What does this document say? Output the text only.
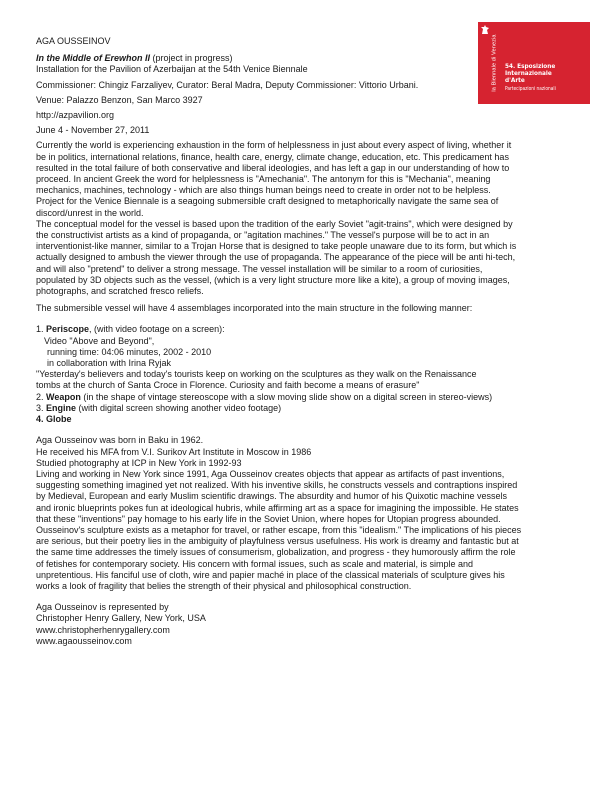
la Biennale di Venezia 54. Esposizione
Internazionale
d'Arte
Partecipazioni nazionali

AGA OUSSEINOV

In the Middle of Erewhon II (project in progress)

Installation for the Pavilion of Azerbaijan at the 54th Venice Biennale

Commissioner: Chingiz Farzaliyev, Curator: Beral Madra, Deputy Commissioner: Vittorio Urbani.

Venue: Palazzo Benzon, San Marco 3927

http://azpavilion.org

June 4 - November 27, 2011

Currently the world is experiencing exhaustion in the form of helplessness in just about every aspect of living, whether it

be in politics, international relations, finance, health care, energy, climate change, education, etc. This predicament has

resulted in the total failure of both conservative and liberal ideologies, and has left a gap in our understanding of how to

proceed. In ancient Greek the word for helplessness is "Amechania". The antonym for this is "Mechania", meaning

mechanics, machines, technology - which are also things human beings need to create in order not to be helpless.

Project for the Venice Biennale is a seagoing submersible craft designed to metaphorically navigate the same sea of

discord/unrest in the world.

The conceptual model for the vessel is based upon the tradition of the early Soviet "agit-trains", which were designed by

the constructivist artists as a kind of propaganda, or "agitation machines." The vessel's purpose will be to act in an

interventionist-like manner, similar to a Trojan Horse that is designed to take people unaware due to its form, but which is

actually designed to ambush the viewer through the use of propaganda. The appearance of the piece will be anti hi-tech,

and will also "pretend" to deliver a strong message. The vessel installation will be similar to a room of curiosities,

populated by 3D objects such as the vessel, (which is a very light structure more like a kite), a group of moving images,

photographs, and scratched fresco reliefs.

The submersible vessel will have 4 assemblages incorporated into the main structure in the following manner:

1. Periscope, (with video footage on a screen):

Video "Above and Beyond",

running time: 04:06 minutes, 2002 - 2010

in collaboration with Irina Ryjak

"Yesterday's believers and today's tourists keep on working on the sculptures as they walk on the Renaissance

tombs at the church of Santa Croce in Florence. Curiosity and faith become a means of erasure"

2. Weapon (in the shape of vintage stereoscope with a slow moving slide show on a digital screen in stereo-views)

3. Engine (with digital screen showing another video footage)

4. Globe

Aga Ousseinov was born in Baku in 1962.

He received his MFA from V.I. Surikov Art Institute in Moscow in 1986

Studied photography at ICP in New York in 1992-93

Living and working in New York since 1991, Aga Ousseinov creates objects that appear as artifacts of past inventions,

suggesting something imagined yet not realized. With his inventive skills, he constructs vessels and contraptions inspired

by Medieval, European and early Muslim scientific drawings. The absurdity and humor of his Quixotic machine vessels

and ironic blueprints pokes fun at ideological hubris, while affirming art as a space for imagining the impossible. He states

that these "inventions" pay homage to his early life in the Soviet Union, where hopes for Utopian progress abounded.

Ousseinov's sculpture exists as a metaphor for travel, or rather escape, from this "idealism." The implications of his pieces

are serious, but their poetry lies in the ambiguity of playfulness versus usefulness. His work is dreamy and fantastic but at

the same time addresses the timely issues of consumerism, globalization, and progress - they humorously affirm the role

of fetishes for contemporary society. His concern with formal issues, such as scale and material, is simple and

unpretentious. His fanciful use of cloth, wire and papier maché in place of the classical materials of sculpture gives his

works a look of fragility that belies the strength of their physical and philosophical construction.

Aga Ousseinov is represented by

Christopher Henry Gallery, New York, USA

www.christopherhenrygallery.com

www.agaousseinov.com
